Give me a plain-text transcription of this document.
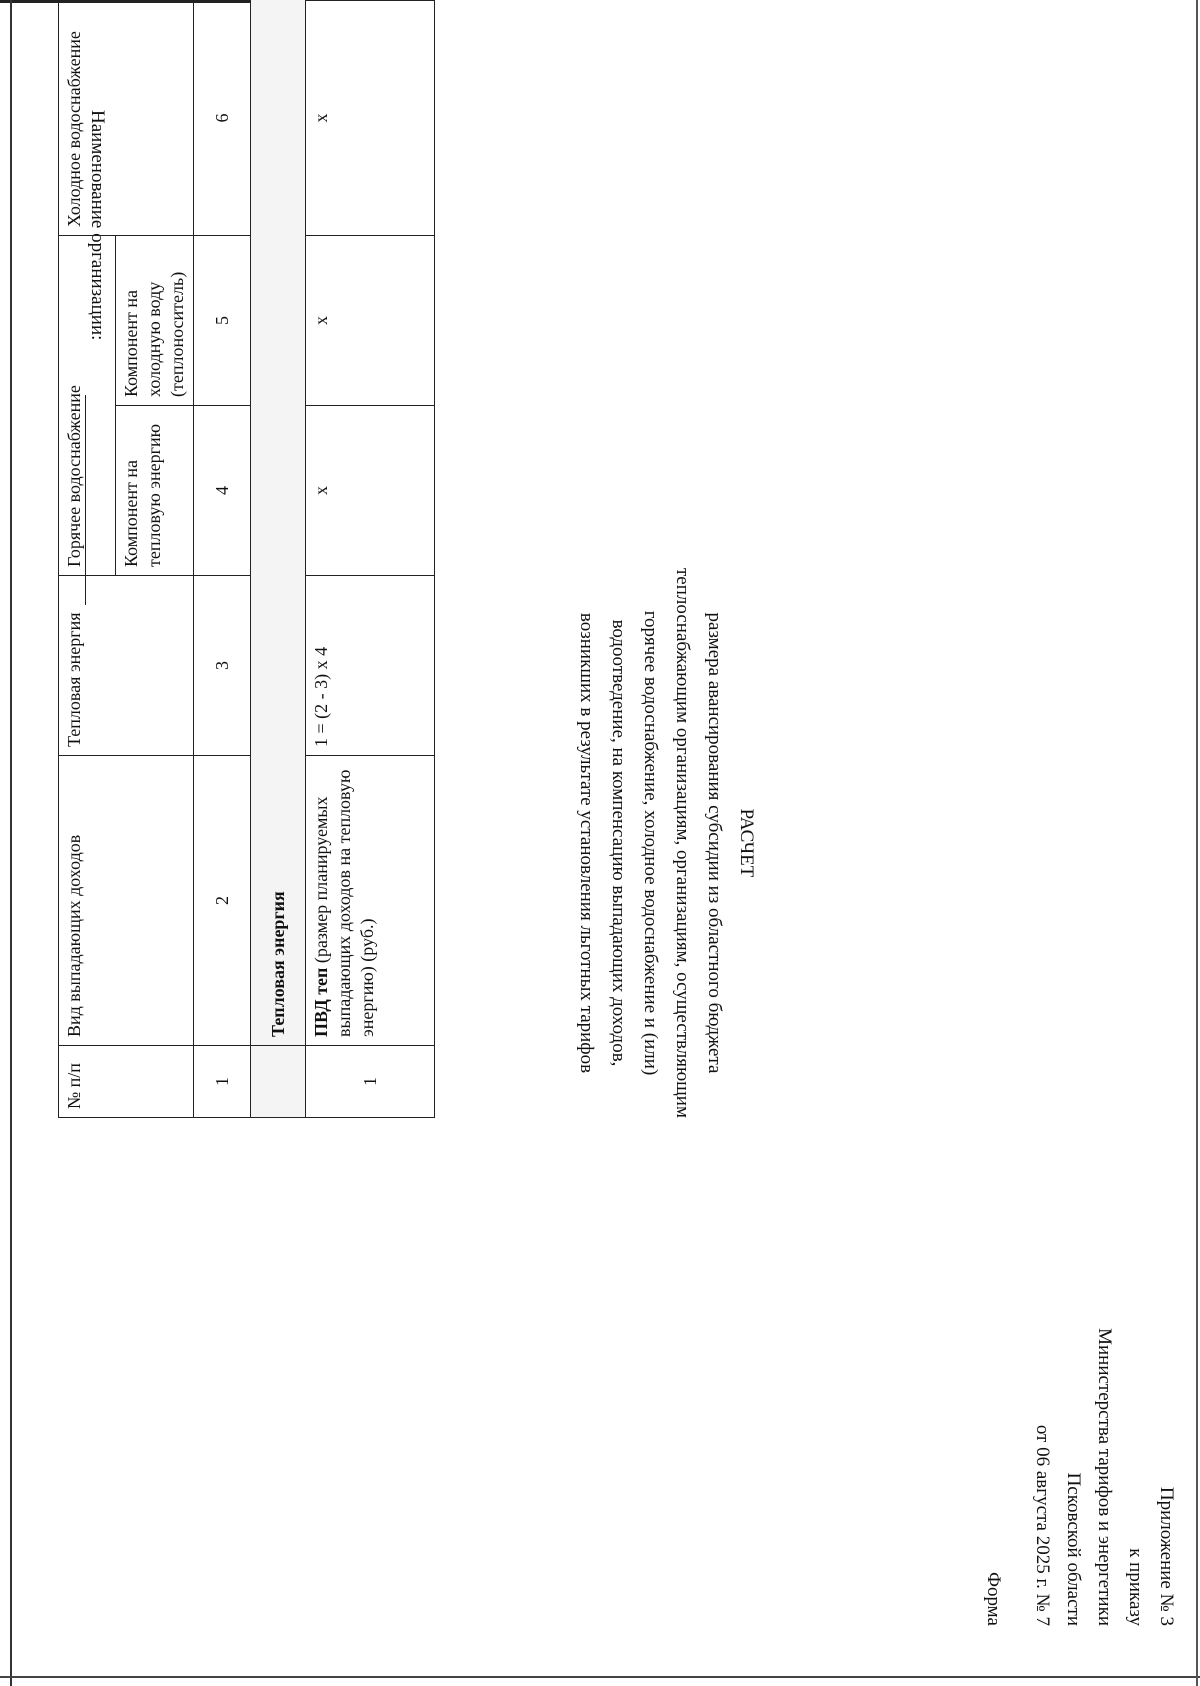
Приложение № 3
к приказу
Министерства тарифов и энергетики
Псковской области
от 06 августа 2025 г. № 7
Форма
РАСЧЕТ
размера авансирования субсидии из областного бюджета
теплоснабжающим организациям, организациям, осуществляющим
горячее водоснабжение, холодное водоснабжение и (или)
водоотведение, на компенсацию выпадающих доходов,
возникших в результате установления льготных тарифов
Наименование организации:
№ п/п	Вид выпадающих доходов	Тепловая энергия	Горячее водоснабжение		Холодное водоснабжение		
			Компонент на тепловую энергию	Компонент на холодную воду (теплоноситель)			
1	2	3	4	5	6		
	Тепловая энергия						
1	ПВД теп (размер планируемых выпадающих доходов на тепловую энергию) (руб.)	1 = (2 - 3) x 4	x	x	x		
